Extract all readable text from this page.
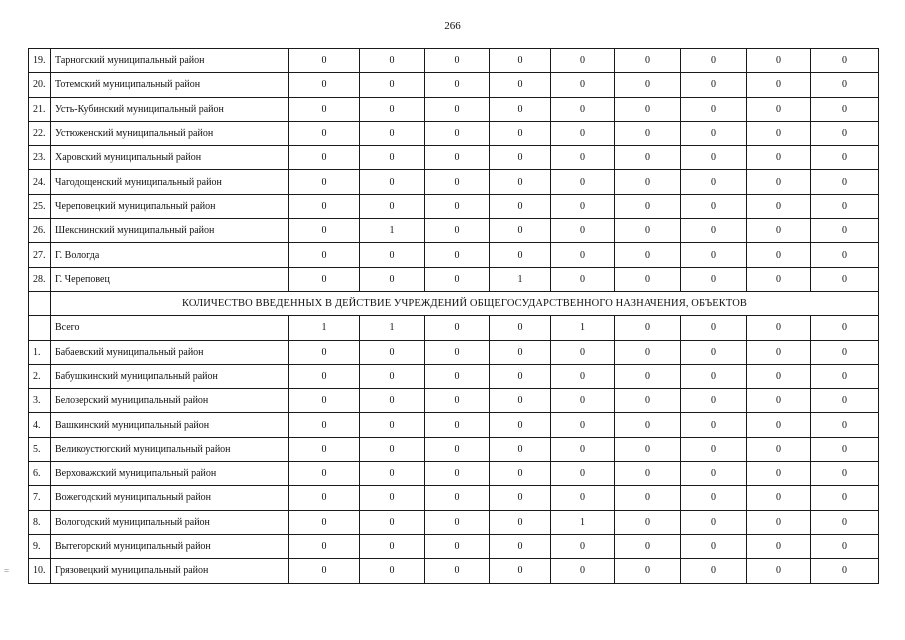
266
=
19.	Тарногский муниципальный район	0	0	0	0	0	0	0	0	0
20.	Тотемский муниципальный район	0	0	0	0	0	0	0	0	0
21.	Усть-Кубинский муниципальный район	0	0	0	0	0	0	0	0	0
22.	Устюженский муниципальный район	0	0	0	0	0	0	0	0	0
23.	Харовский муниципальный район	0	0	0	0	0	0	0	0	0
24.	Чагодощенский муниципальный район	0	0	0	0	0	0	0	0	0
25.	Череповецкий муниципальный район	0	0	0	0	0	0	0	0	0
26.	Шекснинский муниципальный район	0	1	0	0	0	0	0	0	0
27.	Г. Вологда	0	0	0	0	0	0	0	0	0
28.	Г. Череповец	0	0	0	1	0	0	0	0	0
	КОЛИЧЕСТВО ВВЕДЕННЫХ В ДЕЙСТВИЕ УЧРЕЖДЕНИЙ ОБЩЕГОСУДАРСТВЕННОГО НАЗНАЧЕНИЯ, ОБЪЕКТОВ									
	Всего	1	1	0	0	1	0	0	0	0
1.	Бабаевский муниципальный район	0	0	0	0	0	0	0	0	0
2.	Бабушкинский муниципальный район	0	0	0	0	0	0	0	0	0
3.	Белозерский муниципальный район	0	0	0	0	0	0	0	0	0
4.	Вашкинский муниципальный район	0	0	0	0	0	0	0	0	0
5.	Великоустюгский муниципальный район	0	0	0	0	0	0	0	0	0
6.	Верховажский муниципальный район	0	0	0	0	0	0	0	0	0
7.	Вожегодский муниципальный район	0	0	0	0	0	0	0	0	0
8.	Вологодский муниципальный район	0	0	0	0	1	0	0	0	0
9.	Вытегорский муниципальный район	0	0	0	0	0	0	0	0	0
10.	Грязовецкий муниципальный район	0	0	0	0	0	0	0	0	0
